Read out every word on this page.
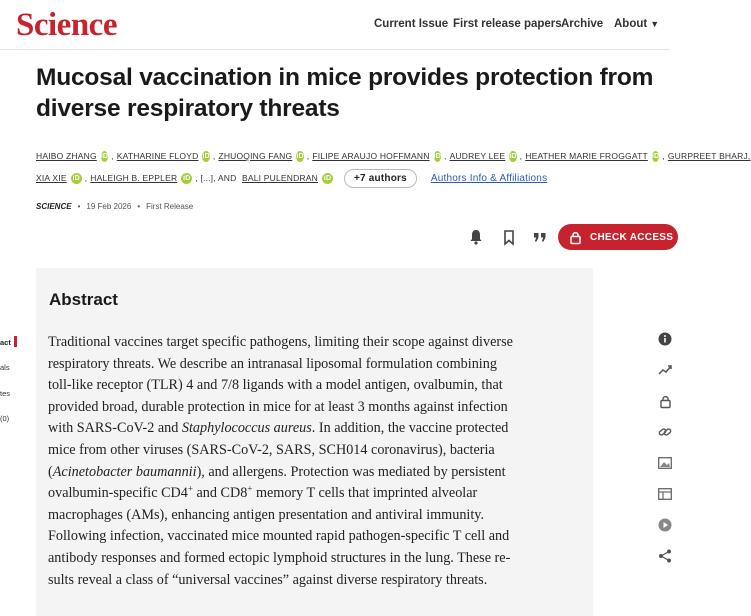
Science	Current Issue First release papers Archive About ▼
Mucosal vaccination in mice provides protection from diverse respiratory threats
HAIBO ZHANG iD , KATHARINE FLOYD iD , ZHUOQING FANG iD , FILIPE ARAUJO HOFFMANN iD , AUDREY LEE iD , HEATHER MARIE FROGGATT iD , GURPREET BHARJ,
XIA XIE iD , HALEIGH B. EPPLER iD , [...], AND
BALI PULENDRAN iD	+7 authors	Authors Info & Affiliations
SCIENCE • 19 Feb 2026 • First Release
CHECK ACCESS
act
als
tes
(0)
Abstract
Traditional vaccines target specific pathogens, limiting their scope against diverse
respiratory threats. We describe an intranasal liposomal formulation combining
toll-like receptor (TLR) 4 and 7/8 ligands with a model antigen, ovalbumin, that
provided broad, durable protection in mice for at least 3 months against infection
with SARS-CoV-2 and Staphylococcus aureus. In addition, the vaccine protected
mice from other viruses (SARS-CoV-2, SARS, SCH014 coronavirus), bacteria
(Acinetobacter baumannii), and allergens. Protection was mediated by persistent
ovalbumin-specific CD4+ and CD8+ memory T cells that imprinted alveolar
macrophages (AMs), enhancing antigen presentation and antiviral immunity.
Following infection, vaccinated mice mounted rapid pathogen-specific T cell and
antibody responses and formed ectopic lymphoid structures in the lung. These re-
sults reveal a class of “universal vaccines” against diverse respiratory threats.
